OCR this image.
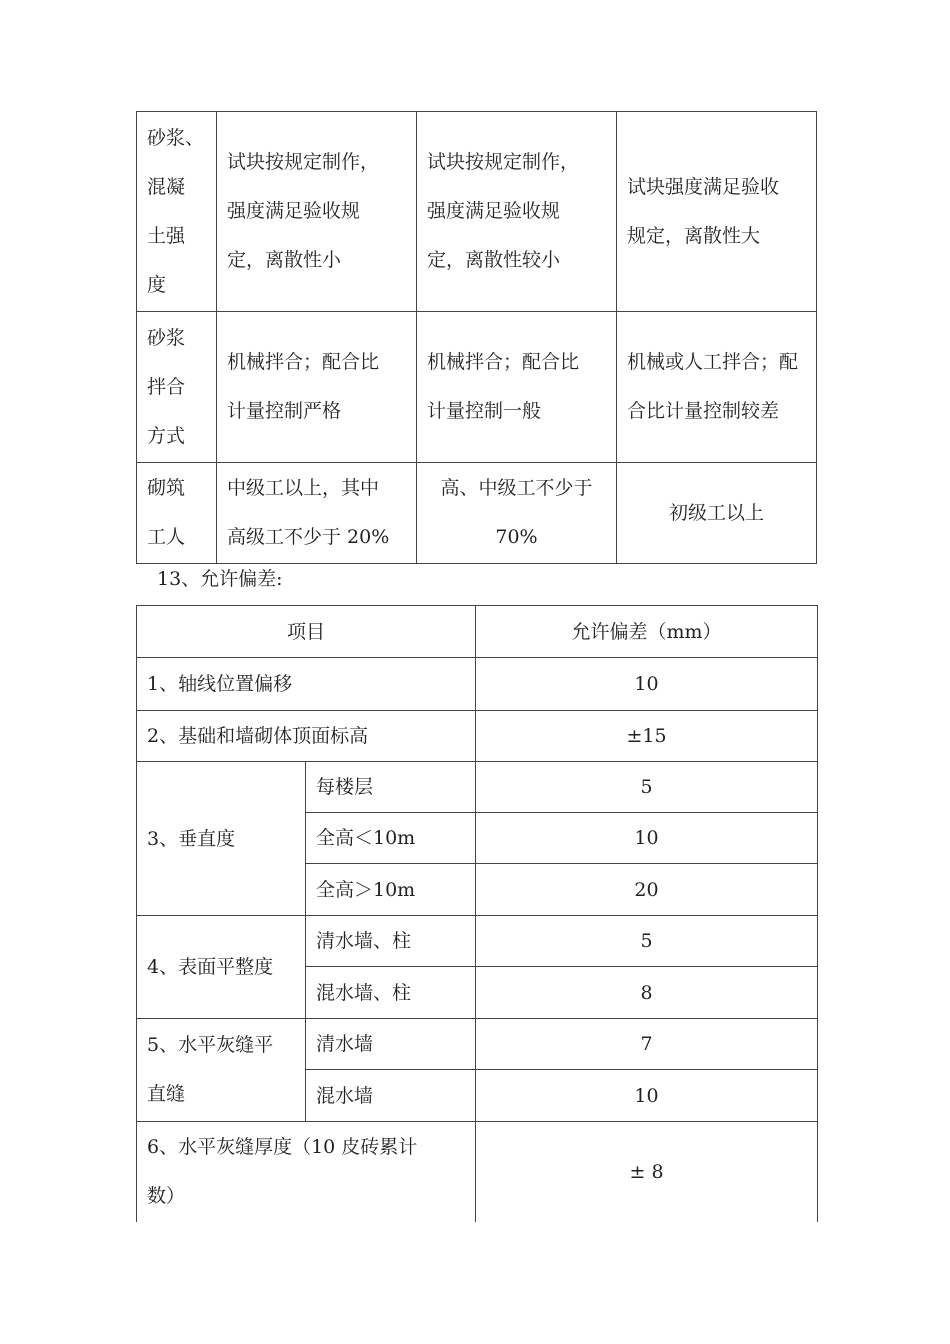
砂浆、
混凝
土强
度	试块按规定制作，
强度满足验收规
定，离散性小	试块按规定制作，
强度满足验收规
定，离散性较小	试块强度满足验收
规定，离散性大

砂浆
拌合
方式	机械拌合；配合比
计量控制严格	机械拌合；配合比
计量控制一般	机械或人工拌合；配
合比计量控制较差

砌筑
工人	中级工以上，其中
高级工不少于 20%	高、中级工不少于
70%	初级工以上
13、允许偏差:
项目		允许偏差（mm）
1、轴线位置偏移		10
2、基础和墙砌体顶面标高		±15
3、垂直度	每楼层	5
	全高＜10m	10
	全高＞10m	20
4、表面平整度	清水墙、柱	5
	混水墙、柱	8

5、水平灰缝平
直缝	清水墙	7
	混水墙	10

6、水平灰缝厚度（10 皮砖累计
数）		± 8
